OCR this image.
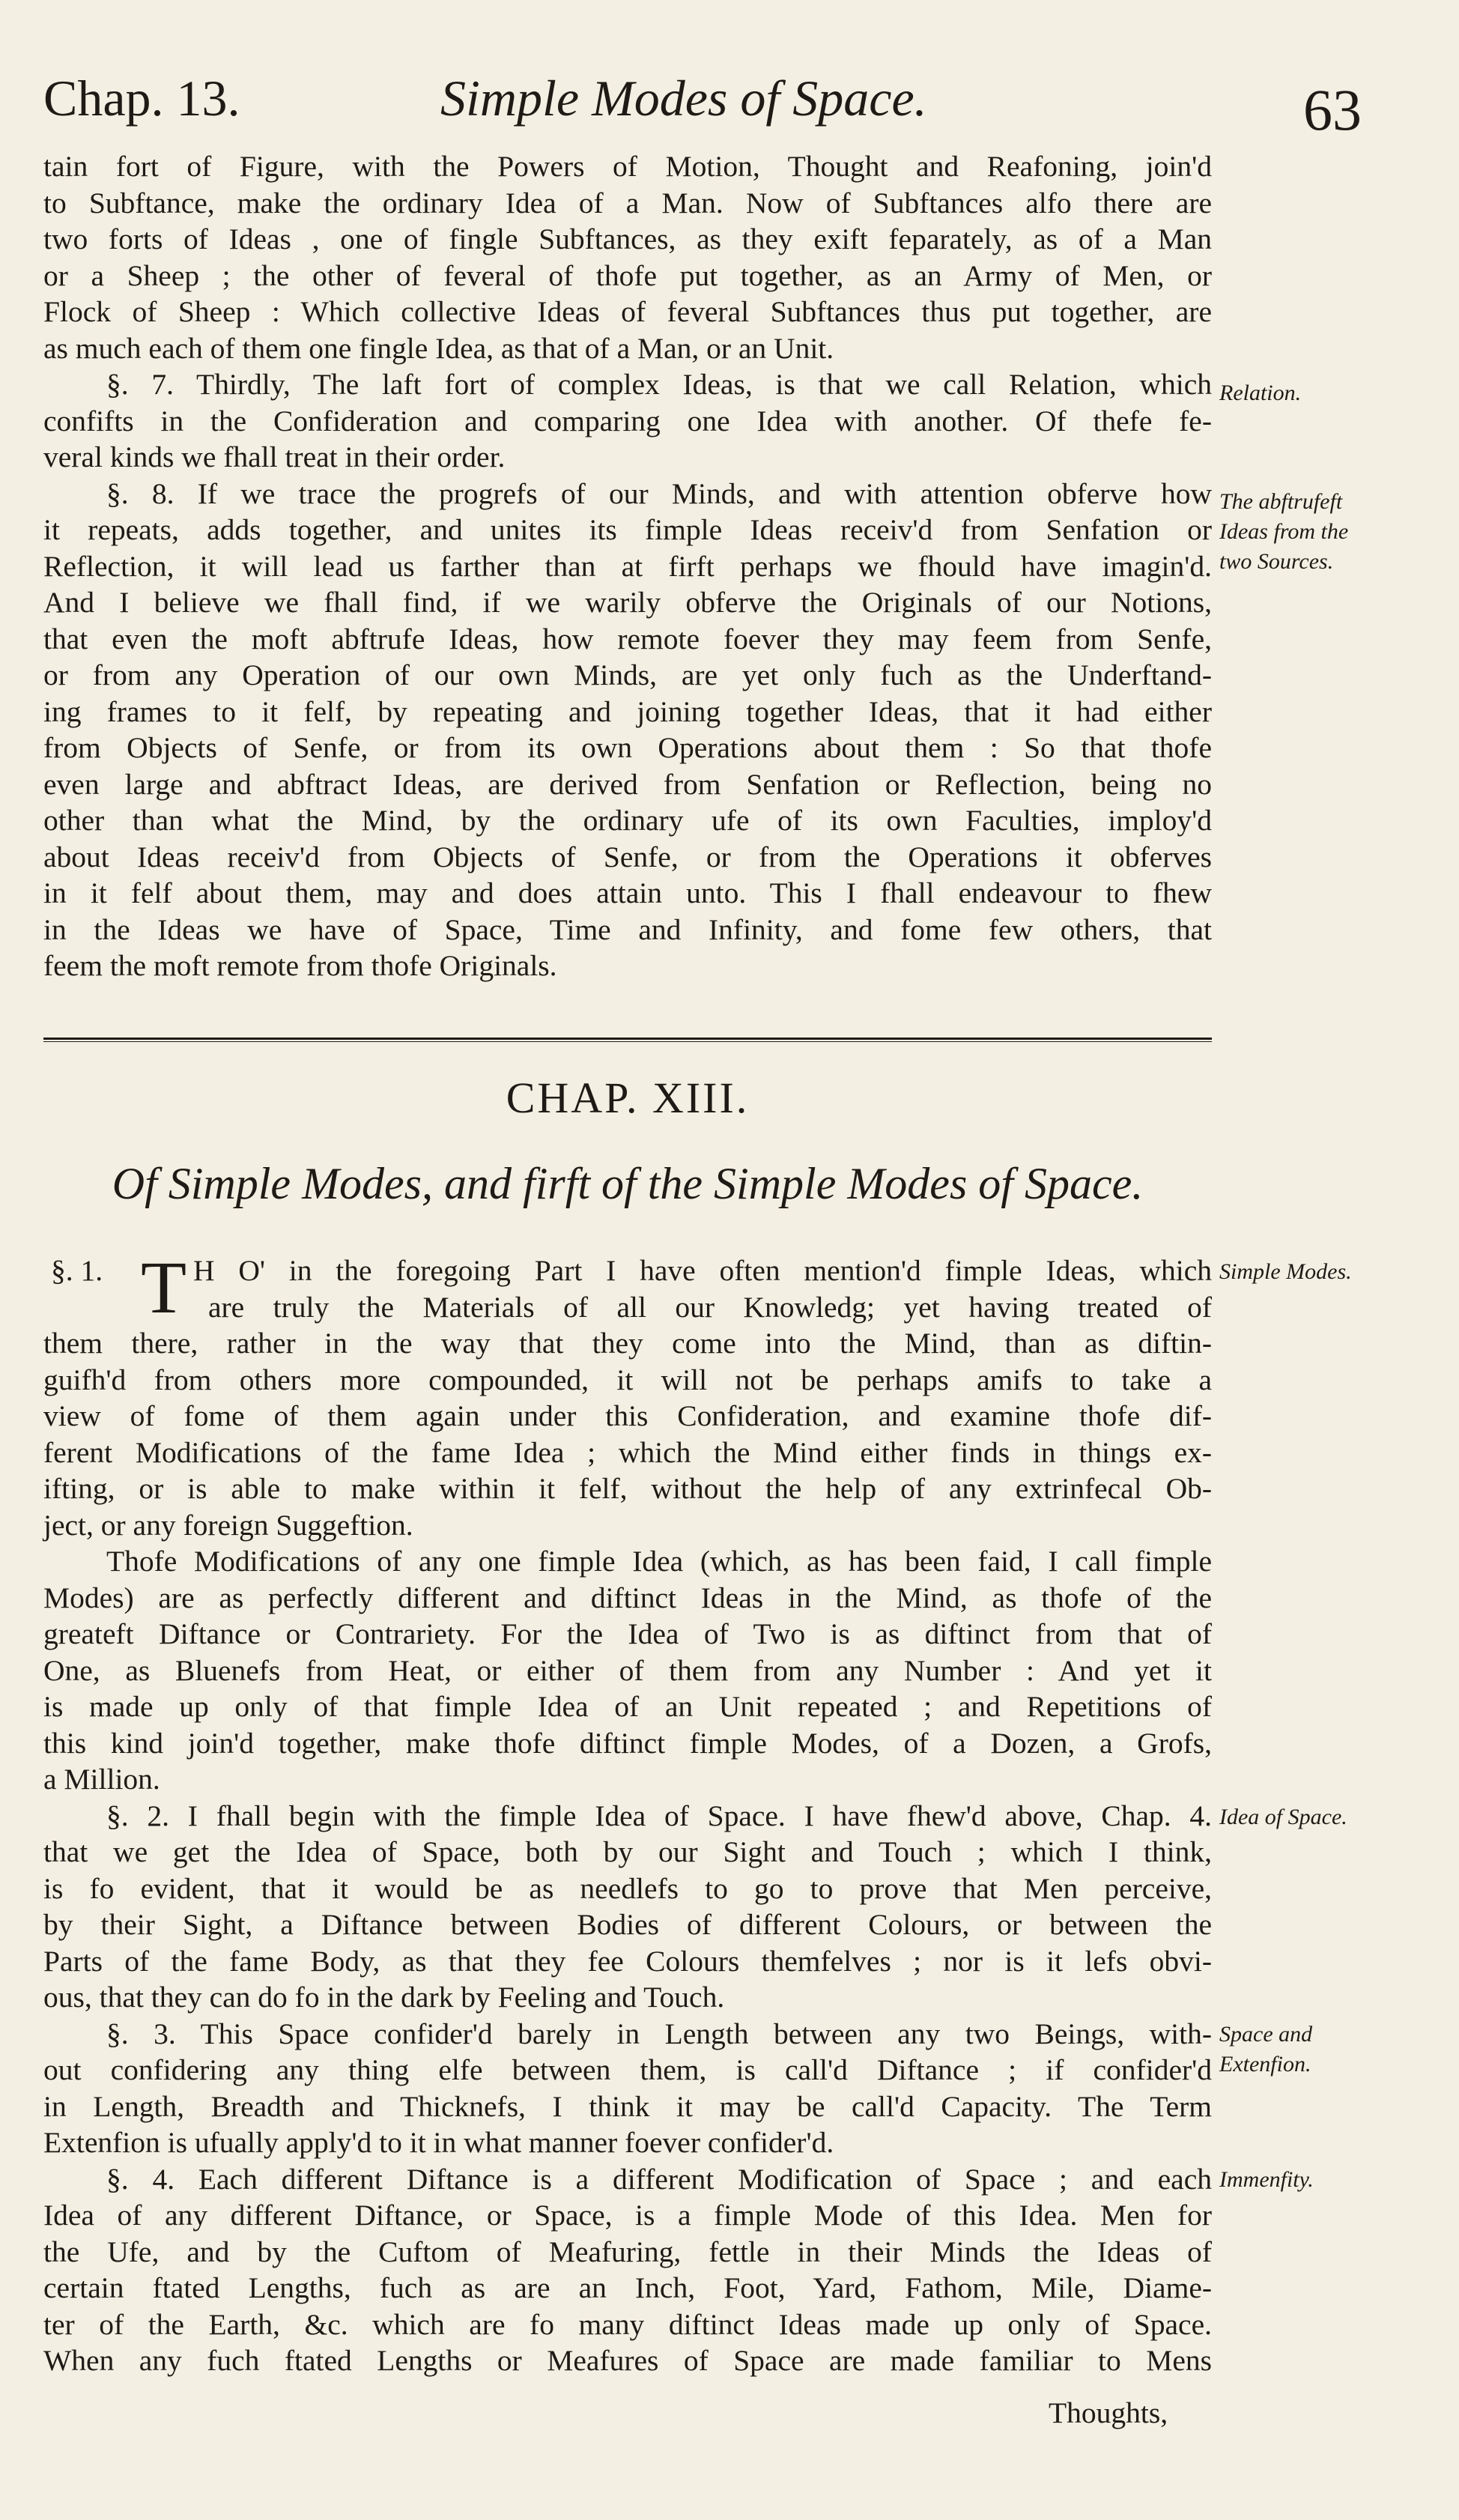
Chap. 13.	Simple Modes of Space.	63
tain fort of Figure, with the Powers of Motion, Thought and Reafoning, join'd
to Subftance, make the ordinary Idea of a Man. Now of Subftances alfo there are
two forts of Ideas , one of fingle Subftances, as they exift feparately, as of a Man
or a Sheep ; the other of feveral of thofe put together, as an Army of Men, or
Flock of Sheep : Which collective Ideas of feveral Subftances thus put together, are
as much each of them one fingle Idea, as that of a Man, or an Unit.
§. 7. Thirdly, The laft fort of complex Ideas, is that we call Relation, which
confifts in the Confideration and comparing one Idea with another. Of thefe fe-
veral kinds we fhall treat in their order.
§. 8. If we trace the progrefs of our Minds, and with attention obferve how
it repeats, adds together, and unites its fimple Ideas receiv'd from Senfation or
Reflection, it will lead us farther than at firft perhaps we fhould have imagin'd.
And I believe we fhall find, if we warily obferve the Originals of our Notions,
that even the moft abftrufe Ideas, how remote foever they may feem from Senfe,
or from any Operation of our own Minds, are yet only fuch as the Underftand-
ing frames to it felf, by repeating and joining together Ideas, that it had either
from Objects of Senfe, or from its own Operations about them : So that thofe
even large and abftract Ideas, are derived from Senfation or Reflection, being no
other than what the Mind, by the ordinary ufe of its own Faculties, imploy'd
about Ideas receiv'd from Objects of Senfe, or from the Operations it obferves
in it felf about them, may and does attain unto. This I fhall endeavour to fhew
in the Ideas we have of Space, Time and Infinity, and fome few others, that
feem the moft remote from thofe Originals.
Relation.
The abftrufeft Ideas from the two Sources.
CHAP. XIII.
Of Simple Modes, and firft of the Simple Modes of Space.
§. 1. T H O' in the foregoing Part I have often mention'd fimple Ideas, which
are truly the Materials of all our Knowledg; yet having treated of
them there, rather in the way that they come into the Mind, than as diftin-
guifh'd from others more compounded, it will not be perhaps amifs to take a
view of fome of them again under this Confideration, and examine thofe dif-
ferent Modifications of the fame Idea ; which the Mind either finds in things ex-
ifting, or is able to make within it felf, without the help of any extrinfecal Ob-
ject, or any foreign Suggeftion.
Thofe Modifications of any one fimple Idea (which, as has been faid, I call fimple
Modes) are as perfectly different and diftinct Ideas in the Mind, as thofe of the
greateft Diftance or Contrariety. For the Idea of Two is as diftinct from that of
One, as Bluenefs from Heat, or either of them from any Number : And yet it
is made up only of that fimple Idea of an Unit repeated ; and Repetitions of
this kind join'd together, make thofe diftinct fimple Modes, of a Dozen, a Grofs,
a Million.
§. 2. I fhall begin with the fimple Idea of Space. I have fhew'd above, Chap. 4.
that we get the Idea of Space, both by our Sight and Touch ; which I think,
is fo evident, that it would be as needlefs to go to prove that Men perceive,
by their Sight, a Diftance between Bodies of different Colours, or between the
Parts of the fame Body, as that they fee Colours themfelves ; nor is it lefs obvi-
ous, that they can do fo in the dark by Feeling and Touch.
§. 3. This Space confider'd barely in Length between any two Beings, with-
out confidering any thing elfe between them, is call'd Diftance ; if confider'd
in Length, Breadth and Thicknefs, I think it may be call'd Capacity. The Term
Extenfion is ufually apply'd to it in what manner foever confider'd.
§. 4. Each different Diftance is a different Modification of Space ; and each
Idea of any different Diftance, or Space, is a fimple Mode of this Idea. Men for
the Ufe, and by the Cuftom of Meafuring, fettle in their Minds the Ideas of
certain ftated Lengths, fuch as are an Inch, Foot, Yard, Fathom, Mile, Diame-
ter of the Earth, &c. which are fo many diftinct Ideas made up only of Space.
When any fuch ftated Lengths or Meafures of Space are made familiar to Mens
Simple Modes.
Idea of Space.
Space and Extenfion.
Immenfity.
Thoughts,
